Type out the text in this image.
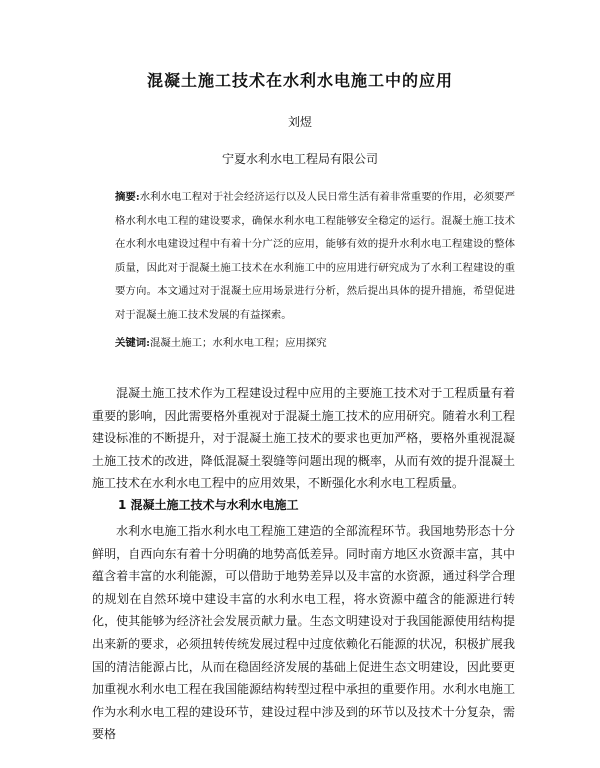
混凝土施工技术在水利水电施工中的应用
刘煜
宁夏水利水电工程局有限公司
摘要:水利水电工程对于社会经济运行以及人民日常生活有着非常重要的作用，必须要严格水利水电工程的建设要求，确保水利水电工程能够安全稳定的运行。混凝土施工技术在水利水电建设过程中有着十分广泛的应用，能够有效的提升水利水电工程建设的整体质量，因此对于混凝土施工技术在水利施工中的应用进行研究成为了水利工程建设的重要方向。本文通过对于混凝土应用场景进行分析，然后提出具体的提升措施，希望促进对于混凝土施工技术发展的有益探索。
关键词:混凝土施工；水利水电工程；应用探究
混凝土施工技术作为工程建设过程中应用的主要施工技术对于工程质量有着重要的影响，因此需要格外重视对于混凝土施工技术的应用研究。随着水利工程建设标准的不断提升，对于混凝土施工技术的要求也更加严格，要格外重视混凝土施工技术的改进，降低混凝土裂缝等问题出现的概率，从而有效的提升混凝土施工技术在水利水电工程中的应用效果，不断强化水利水电工程质量。
1 混凝土施工技术与水利水电施工
水利水电施工指水利水电工程施工建造的全部流程环节。我国地势形态十分鲜明，自西向东有着十分明确的地势高低差异。同时南方地区水资源丰富，其中蕴含着丰富的水利能源，可以借助于地势差异以及丰富的水资源，通过科学合理的规划在自然环境中建设丰富的水利水电工程，将水资源中蕴含的能源进行转化，使其能够为经济社会发展贡献力量。生态文明建设对于我国能源使用结构提出来新的要求，必须扭转传统发展过程中过度依赖化石能源的状况，积极扩展我国的清洁能源占比，从而在稳固经济发展的基础上促进生态文明建设，因此要更加重视水利水电工程在我国能源结构转型过程中承担的重要作用。水利水电施工作为水利水电工程的建设环节，建设过程中涉及到的环节以及技术十分复杂，需要格
